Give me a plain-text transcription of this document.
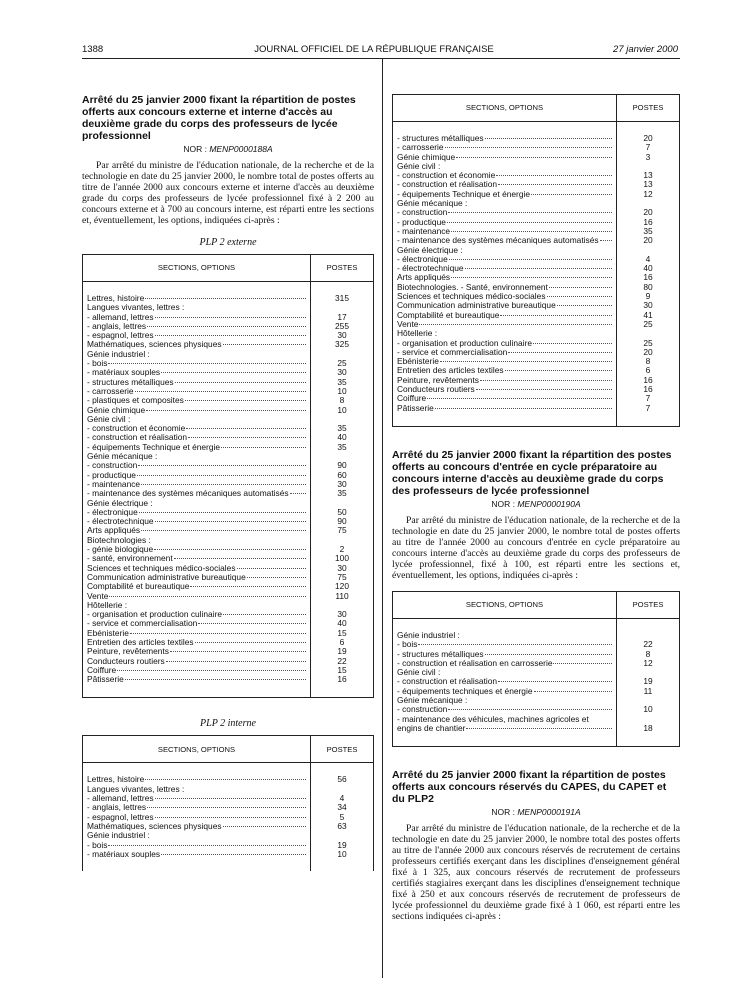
1388	JOURNAL OFFICIEL DE LA RÉPUBLIQUE FRANÇAISE	27 janvier 2000

Arrêté du 25 janvier 2000 fixant la répartition de postes offerts aux concours externe et interne d'accès au deuxième grade du corps des professeurs de lycée professionnel

NOR : MENP0000188A

Par arrêté du ministre de l'éducation nationale, de la recherche et de la technologie en date du 25 janvier 2000, le nombre total de postes offerts au titre de l'année 2000 aux concours externe et interne d'accès au deuxième grade du corps des professeurs de lycée professionnel fixé à 2 200 au concours externe et à 700 au concours interne, est réparti entre les sections et, éventuellement, les options, indiquées ci-après :

PLP 2 externe
SECTIONS, OPTIONS	POSTES

Lettres, histoire	315

Langues vivantes, lettres :	

- allemand, lettres	17

- anglais, lettres	255

- espagnol, lettres	30

Mathématiques, sciences physiques	325

Génie industriel :	

- bois	25

- matériaux souples	30

- structures métalliques	35

- carrosserie	10

- plastiques et composites	8

Génie chimique	10

Génie civil :	

- construction et économie	35

- construction et réalisation	40

- équipements Technique et énergie	35

Génie mécanique :	

- construction	90

- productique	60

- maintenance	30

- maintenance des systèmes mécaniques automatisés	35

Génie électrique :	

- électronique	50

- électrotechnique	90

Arts appliqués	75

Biotechnologies :	

- génie biologique	2

- santé, environnement	100

Sciences et techniques médico-sociales	30

Communication administrative bureautique	75

Comptabilité et bureautique	120

Vente	110

Hôtellerie :	

- organisation et production culinaire	30

- service et commercialisation	40

Ebénisterie	15

Entretien des articles textiles	6

Peinture, revêtements	19

Conducteurs routiers	22

Coiffure	15

Pâtisserie	16

PLP 2 interne
SECTIONS, OPTIONS	POSTES

Lettres, histoire	56

Langues vivantes, lettres :	

- allemand, lettres	4

- anglais, lettres	34

- espagnol, lettres	5

Mathématiques, sciences physiques	63

Génie industriel :	

- bois	19

- matériaux souples	10

SECTIONS, OPTIONS	POSTES

- structures métalliques	20

- carrosserie	7

Génie chimique	3

Génie civil :	

- construction et économie	13

- construction et réalisation	13

- équipements Technique et énergie	12

Génie mécanique :	

- construction	20

- productique	16

- maintenance	35

- maintenance des systèmes mécaniques automatisés	20

Génie électrique :	

- électronique	4

- électrotechnique	40

Arts appliqués	16

Biotechnologies. - Santé, environnement	80

Sciences et techniques médico-sociales	9

Communication administrative bureautique	30

Comptabilité et bureautique	41

Vente	25

Hôtellerie :	

- organisation et production culinaire	25

- service et commercialisation	20

Ebénisterie	8

Entretien des articles textiles	6

Peinture, revêtements	16

Conducteurs routiers	16

Coiffure	7

Pâtisserie	7

Arrêté du 25 janvier 2000 fixant la répartition des postes offerts au concours d'entrée en cycle préparatoire au concours interne d'accès au deuxième grade du corps des professeurs de lycée professionnel

NOR : MENP0000190A

Par arrêté du ministre de l'éducation nationale, de la recherche et de la technologie en date du 25 janvier 2000, le nombre total de postes offerts au titre de l'année 2000 au concours d'entrée en cycle préparatoire au concours interne d'accès au deuxième grade du corps des professeurs de lycée professionnel, fixé à 100, est réparti entre les sections et, éventuellement, les options, indiquées ci-après :

SECTIONS, OPTIONS	POSTES

Génie industriel :	

- bois	22

- structures métalliques	8

- construction et réalisation en carrosserie	12

Génie civil :	

- construction et réalisation	19

- équipements techniques et énergie	11

Génie mécanique :	

- construction	10

- maintenance des véhicules, machines agricoles et	

engins de chantier	18

Arrêté du 25 janvier 2000 fixant la répartition de postes offerts aux concours réservés du CAPES, du CAPET et du PLP2

NOR : MENP0000191A

Par arrêté du ministre de l'éducation nationale, de la recherche et de la technologie en date du 25 janvier 2000, le nombre total des postes offerts au titre de l'année 2000 aux concours réservés de recrutement de certains professeurs certifiés exerçant dans les disciplines d'enseignement général fixé à 1 325, aux concours réservés de recrutement de professeurs certifiés stagiaires exerçant dans les disciplines d'enseignement technique fixé à 250 et aux concours réservés de recrutement de professeurs de lycée professionnel du deuxième grade fixé à 1 060, est réparti entre les sections indiquées ci-après :
